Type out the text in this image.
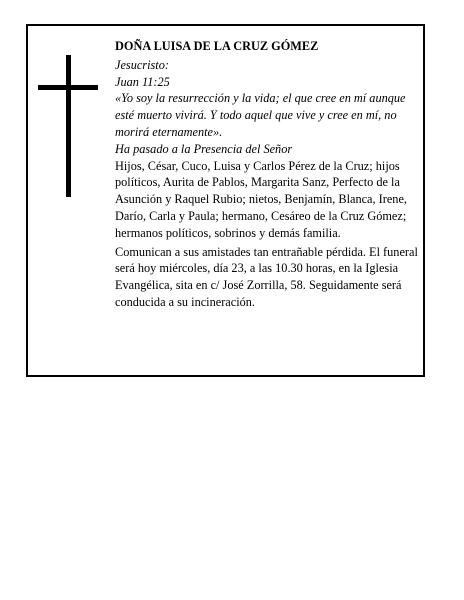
DOÑA LUISA DE LA CRUZ GÓMEZ

Jesucristo:

Juan 11:25

«Yo soy la resurrección y la vida; el que cree en mí aunque esté muerto vivirá. Y todo aquel que vive y cree en mí, no morirá eternamente».

Ha pasado a la Presencia del Señor

Hijos, César, Cuco, Luisa y Carlos Pérez de la Cruz; hijos políticos, Aurita de Pablos, Margarita Sanz, Perfecto de la Asunción y Raquel Rubio; nietos, Benjamín, Blanca, Irene, Darío, Carla y Paula; hermano, Cesáreo de la Cruz Gómez; hermanos políticos, sobrinos y demás familia.

Comunican a sus amistades tan entrañable pérdida. El funeral será hoy miércoles, día 23, a las 10.30 horas, en la Iglesia Evangélica, sita en c/ José Zorrilla, 58. Seguidamente será conducida a su incineración.
